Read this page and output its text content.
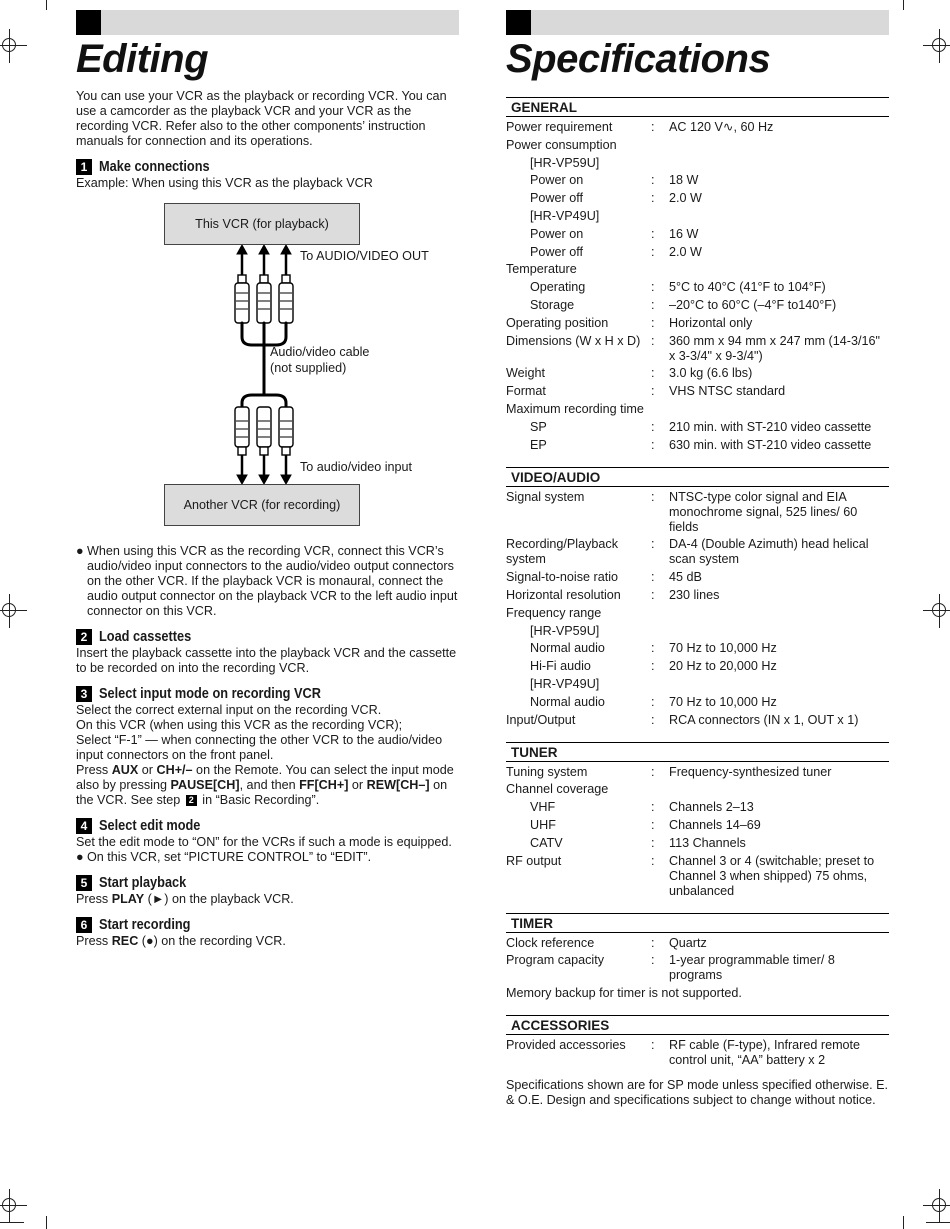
Editing

You can use your VCR as the playback or recording VCR. You can use a camcorder as the playback VCR and your VCR as the recording VCR. Refer also to the other components’ instruction manuals for connection and its operations.

1 Make connections

Example: When using this VCR as the playback VCR

This VCR (for playback)
To AUDIO/VIDEO OUT
Audio/video cable
(not supplied)
To audio/video input
Another VCR (for recording)
● When using this VCR as the recording VCR, connect this VCR’s audio/video input connectors to the audio/video output connectors on the other VCR. If the playback VCR is monaural, connect the audio output connector on the playback VCR to the left audio input connector on this VCR.
2 Load cassettes

Insert the playback cassette into the playback VCR and the cassette to be recorded on into the recording VCR.

3 Select input mode on recording VCR

Select the correct external input on the recording VCR.

On this VCR (when using this VCR as the recording VCR);

Select “F-1” — when connecting the other VCR to the audio/video input connectors on the front panel.

Press AUX or CH+/– on the Remote. You can select the input mode also by pressing PAUSE[CH], and then FF[CH+] or REW[CH–] on the VCR. See step 2 in “Basic Recording”.

4 Select edit mode

Set the edit mode to “ON” for the VCRs if such a mode is equipped.

● On this VCR, set “PICTURE CONTROL” to “EDIT”.
5 Start playback

Press PLAY (►) on the playback VCR.

6 Start recording

Press REC (●) on the recording VCR.

Specifications
GENERAL
Power requirement	:	AC 120 V∿, 60 Hz
Power consumption
[HR-VP59U]
Power on	:	18 W
Power off	:	2.0 W
[HR-VP49U]
Power on	:	16 W
Power off	:	2.0 W
Temperature
Operating	:	5°C to 40°C (41°F to 104°F)
Storage	:	–20°C to 60°C (–4°F to140°F)
Operating position	:	Horizontal only
Dimensions (W x H x D) :	360 mm x 94 mm x 247 mm (14-3/16" x 3-3/4" x 9-3/4")
Weight	:	3.0 kg (6.6 lbs)
Format	:	VHS NTSC standard
Maximum recording time
SP	:	210 min. with ST-210 video cassette
EP	:	630 min. with ST-210 video cassette
VIDEO/AUDIO
Signal system	:	NTSC-type color signal and EIA monochrome signal, 525 lines/ 60 fields
Recording/Playback system
:	DA-4 (Double Azimuth) head helical scan system
Signal-to-noise ratio	:	45 dB
Horizontal resolution	:	230 lines
Frequency range
[HR-VP59U]
Normal audio	:	70 Hz to 10,000 Hz
Hi-Fi audio	:	20 Hz to 20,000 Hz
[HR-VP49U]
Normal audio	:	70 Hz to 10,000 Hz
Input/Output	:	RCA connectors (IN x 1, OUT x 1)
TUNER
Tuning system	:	Frequency-synthesized tuner
Channel coverage
VHF	:	Channels 2–13
UHF	:	Channels 14–69
CATV	:	113 Channels
RF output	:	Channel 3 or 4 (switchable; preset to Channel 3 when shipped) 75 ohms, unbalanced
TIMER
Clock reference	:	Quartz
Program capacity	:	1-year programmable timer/ 8 programs
Memory backup for timer is not supported.
ACCESSORIES
Provided accessories	:	RF cable (F-type), Infrared remote control unit, “AA” battery x 2

Specifications shown are for SP mode unless specified otherwise. E. & O.E. Design and specifications subject to change without notice.
